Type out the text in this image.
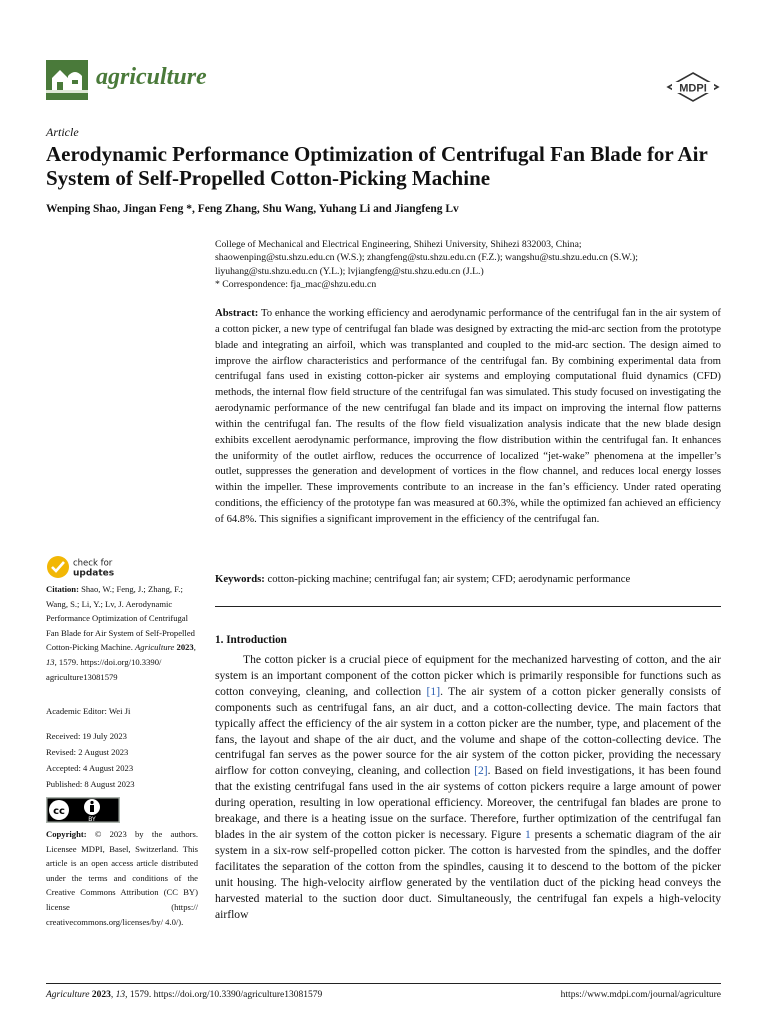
agriculture	MDPI
Article
Aerodynamic Performance Optimization of Centrifugal Fan Blade for Air System of Self-Propelled Cotton-Picking Machine
Wenping Shao, Jingan Feng *, Feng Zhang, Shu Wang, Yuhang Li and Jiangfeng Lv
College of Mechanical and Electrical Engineering, Shihezi University, Shihezi 832003, China;
shaowenping@stu.shzu.edu.cn (W.S.); zhangfeng@stu.shzu.edu.cn (F.Z.); wangshu@stu.shzu.edu.cn (S.W.);
liyuhang@stu.shzu.edu.cn (Y.L.); lvjiangfeng@stu.shzu.edu.cn (J.L.)
* Correspondence: fja_mac@shzu.edu.cn
Abstract: To enhance the working efficiency and aerodynamic performance of the centrifugal fan in the air system of a cotton picker, a new type of centrifugal fan blade was designed by extracting the mid-arc section from the prototype blade and integrating an airfoil, which was transplanted and coupled to the mid-arc section. The design aimed to improve the airflow characteristics and performance of the centrifugal fan. By combining experimental data from centrifugal fans used in existing cotton-picker air systems and employing computational fluid dynamics (CFD) methods, the internal flow field structure of the centrifugal fan was simulated. This study focused on investigating the aerodynamic performance of the new centrifugal fan blade and its impact on improving the internal flow patterns within the centrifugal fan. The results of the flow field visualization analysis indicate that the new blade design exhibits excellent aerodynamic performance, improving the flow distribution within the centrifugal fan. It enhances the uniformity of the outlet airflow, reduces the occurrence of localized “jet-wake” phenomena at the impeller’s outlet, suppresses the generation and development of vortices in the flow channel, and reduces local energy losses within the impeller. These improvements contribute to an increase in the fan’s efficiency. Under rated operating conditions, the efficiency of the prototype fan was measured at 60.3%, while the optimized fan achieved an efficiency of 64.8%. This signifies a significant improvement in the efficiency of the centrifugal fan.
Keywords: cotton-picking machine; centrifugal fan; air system; CFD; aerodynamic performance
check for
updates
Citation: Shao, W.; Feng, J.; Zhang, F.; Wang, S.; Li, Y.; Lv, J. Aerodynamic Performance Optimization of Centrifugal Fan Blade for Air System of Self-Propelled Cotton-Picking Machine. Agriculture 2023, 13, 1579. https://doi.org/10.3390/ agriculture13081579
Academic Editor: Wei Ji
Received: 19 July 2023
Revised: 2 August 2023
Accepted: 4 August 2023
Published: 8 August 2023
cc
BY
Copyright: © 2023 by the authors. Licensee MDPI, Basel, Switzerland. This article is an open access article distributed under the terms and conditions of the Creative Commons Attribution (CC BY) license (https:// creativecommons.org/licenses/by/ 4.0/).
1. Introduction

The cotton picker is a crucial piece of equipment for the mechanized harvesting of cotton, and the air system is an important component of the cotton picker which is primarily responsible for functions such as cotton conveying, cleaning, and collection [1]. The air system of a cotton picker generally consists of components such as centrifugal fans, an air duct, and a cotton-collecting device. The main factors that typically affect the efficiency of the air system in a cotton picker are the number, type, and placement of the fans, the layout and shape of the air duct, and the volume and shape of the cotton-collecting device. The centrifugal fan serves as the power source for the air system of the cotton picker, providing the necessary airflow for cotton conveying, cleaning, and collection [2]. Based on field investigations, it has been found that the existing centrifugal fans used in the air systems of cotton pickers require a large amount of power during operation, resulting in low operational efficiency. Moreover, the centrifugal fan blades are prone to breakage, and there is a heating issue on the surface. Therefore, further optimization of the centrifugal fan blades in the air system of the cotton picker is necessary. Figure 1 presents a schematic diagram of the air system in a six-row self-propelled cotton picker. The cotton is harvested from the spindles, and the doffer facilitates the separation of the cotton from the spindles, causing it to descend to the bottom of the picker unit housing. The high-velocity airflow generated by the ventilation duct of the picking head conveys the harvested material to the suction door duct. Simultaneously, the centrifugal fan expels a high-velocity airflow

Agriculture 2023, 13, 1579. https://doi.org/10.3390/agriculture13081579	https://www.mdpi.com/journal/agriculture
